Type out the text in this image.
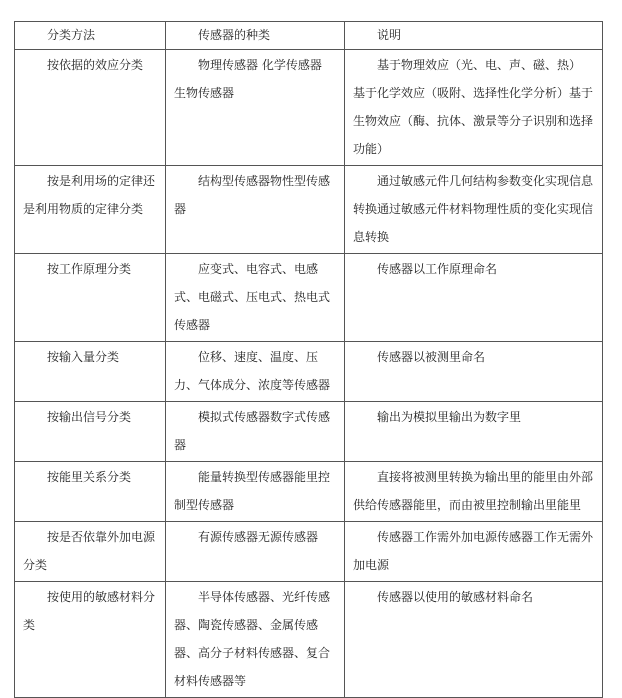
分类方法	传感器的种类	说明

按依据的效应分类	物理传感器 化学传感器 生物传感器	基于物理效应（光、电、声、磁、热） 基于化学效应（吸附、选择性化学分析）基于生物效应（酶、抗体、激景等分子识别和选择功能）

按是利用场的定律还是利用物质的定律分类	结构型传感器物性型传感器	通过敏感元件几何结构参数变化实现信息转换通过敏感元件材料物理性质的变化实现信息转换

按工作原理分类	应变式、电容式、电感式、电磁式、压电式、热电式传感器	传感器以工作原理命名

按输入量分类	位移、速度、温度、压力、气体成分、浓度等传感器	传感器以被测里命名

按输出信号分类	模拟式传感器数字式传感器	输出为模拟里输出为数字里

按能里关系分类	能量转换型传感器能里控制型传感器	直接将被测里转换为输出里的能里由外部供给传感器能里，而由被里控制输出里能里

按是否依靠外加电源分类	有源传感器无源传感器	传感器工作需外加电源传感器工作无需外加电源

按使用的敏感材料分类	半导体传感器、光纤传感器、陶瓷传感器、金属传感器、高分子材料传感器、复合材料传感器等	传感器以使用的敏感材料命名
